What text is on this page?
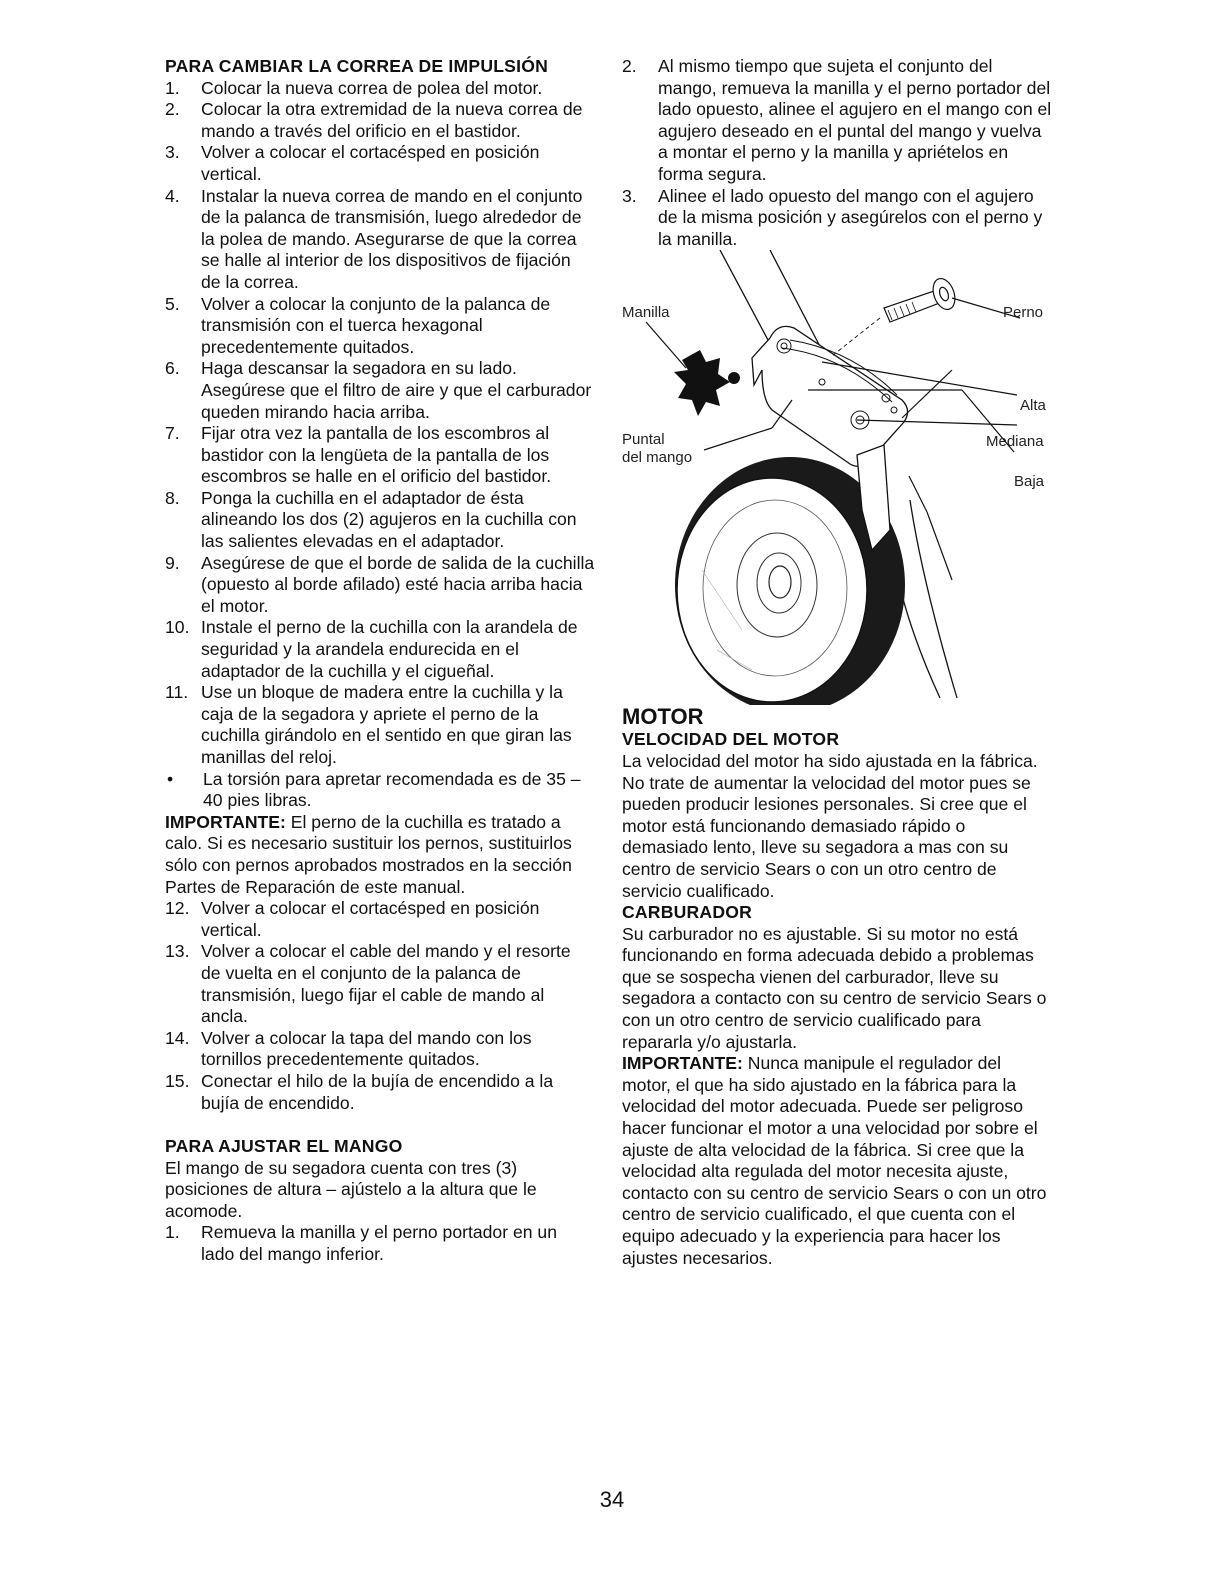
PARA CAMBIAR LA CORREA DE IMPULSIÓN
1.	Colocar la nueva correa de polea del motor.
2.	Colocar la otra extremidad de la nueva correa de mando a través del orificio en el bastidor.
3.	Volver a colocar el cortacésped en posición vertical.
4.	Instalar la nueva correa de mando en el conjunto de la palanca de transmisión, luego alrededor de la polea de mando. Asegurarse de que la correa se halle al interior de los dispositivos de fijación de la correa.
5.	Volver a colocar la conjunto de la palanca de transmisión con el tuerca hexagonal precedentemente quitados.
6.	Haga descansar la segadora en su lado. Asegúrese que el filtro de aire y que el carburador queden mirando hacia arriba.
7.	Fijar otra vez la pantalla de los escombros al bastidor con la lengüeta de la pantalla de los escombros se halle en el orificio del bastidor.
8.	Ponga la cuchilla en el adaptador de ésta alineando los dos (2) agujeros en la cuchilla con las salientes elevadas en el adaptador.
9.	Asegúrese de que el borde de salida de la cuchilla (opuesto al borde afilado) esté hacia arriba hacia el motor.
10. Instale el perno de la cuchilla con la arandela de seguridad y la arandela endurecida en el adaptador de la cuchilla y el cigueñal.
11. Use un bloque de madera entre la cuchilla y la caja de la segadora y apriete el perno de la cuchilla girándolo en el sentido en que giran las manillas del reloj.
•	La torsión para apretar recomendada es de 35 – 40 pies libras.

IMPORTANTE: El perno de la cuchilla es tratado a calo. Si es necesario sustituir los pernos, sustituirlos sólo con pernos aprobados mostrados en la sección Partes de Reparación de este manual.

12. Volver a colocar el cortacésped en posición vertical.
13. Volver a colocar el cable del mando y el resorte de vuelta en el conjunto de la palanca de transmisión, luego fijar el cable de mando al ancla.
14. Volver a colocar la tapa del mando con los tornillos precedentemente quitados.
15. Conectar el hilo de la bujía de encendido a la bujía de encendido.
PARA AJUSTAR EL MANGO

El mango de su segadora cuenta con tres (3) posiciones de altura – ajústelo a la altura que le acomode.

1.	Remueva la manilla y el perno portador en un lado del mango inferior.
2.	Al mismo tiempo que sujeta el conjunto del mango, remueva la manilla y el perno portador del lado opuesto, alinee el agujero en el mango con el agujero deseado en el puntal del mango y vuelva a montar el perno y la manilla y apriételos en forma segura.
3.	Alinee el lado opuesto del mango con el agujero de la misma posición y asegúrelos con el perno y la manilla.
Manilla	Perno
Alta
Mediana
Baja
Puntal
del mango
MOTOR
VELOCIDAD DEL MOTOR

La velocidad del motor ha sido ajustada en la fábrica. No trate de aumentar la velocidad del motor pues se pueden producir lesiones personales. Si cree que el motor está funcionando demasiado rápido o demasiado lento, lleve su segadora a mas con su centro de servicio Sears o con un otro centro de servicio cualificado.

CARBURADOR

Su carburador no es ajustable. Si su motor no está funcionando en forma adecuada debido a problemas que se sospecha vienen del carburador, lleve su segadora a contacto con su centro de servicio Sears o con un otro centro de servicio cualificado para repararla y/o ajustarla.

IMPORTANTE: Nunca manipule el regulador del motor, el que ha sido ajustado en la fábrica para la velocidad del motor adecuada. Puede ser peligroso hacer funcionar el motor a una velocidad por sobre el ajuste de alta velocidad de la fábrica. Si cree que la velocidad alta regulada del motor necesita ajuste, contacto con su centro de servicio Sears o con un otro centro de servicio cualificado, el que cuenta con el equipo adecuado y la experiencia para hacer los ajustes necesarios.

34
